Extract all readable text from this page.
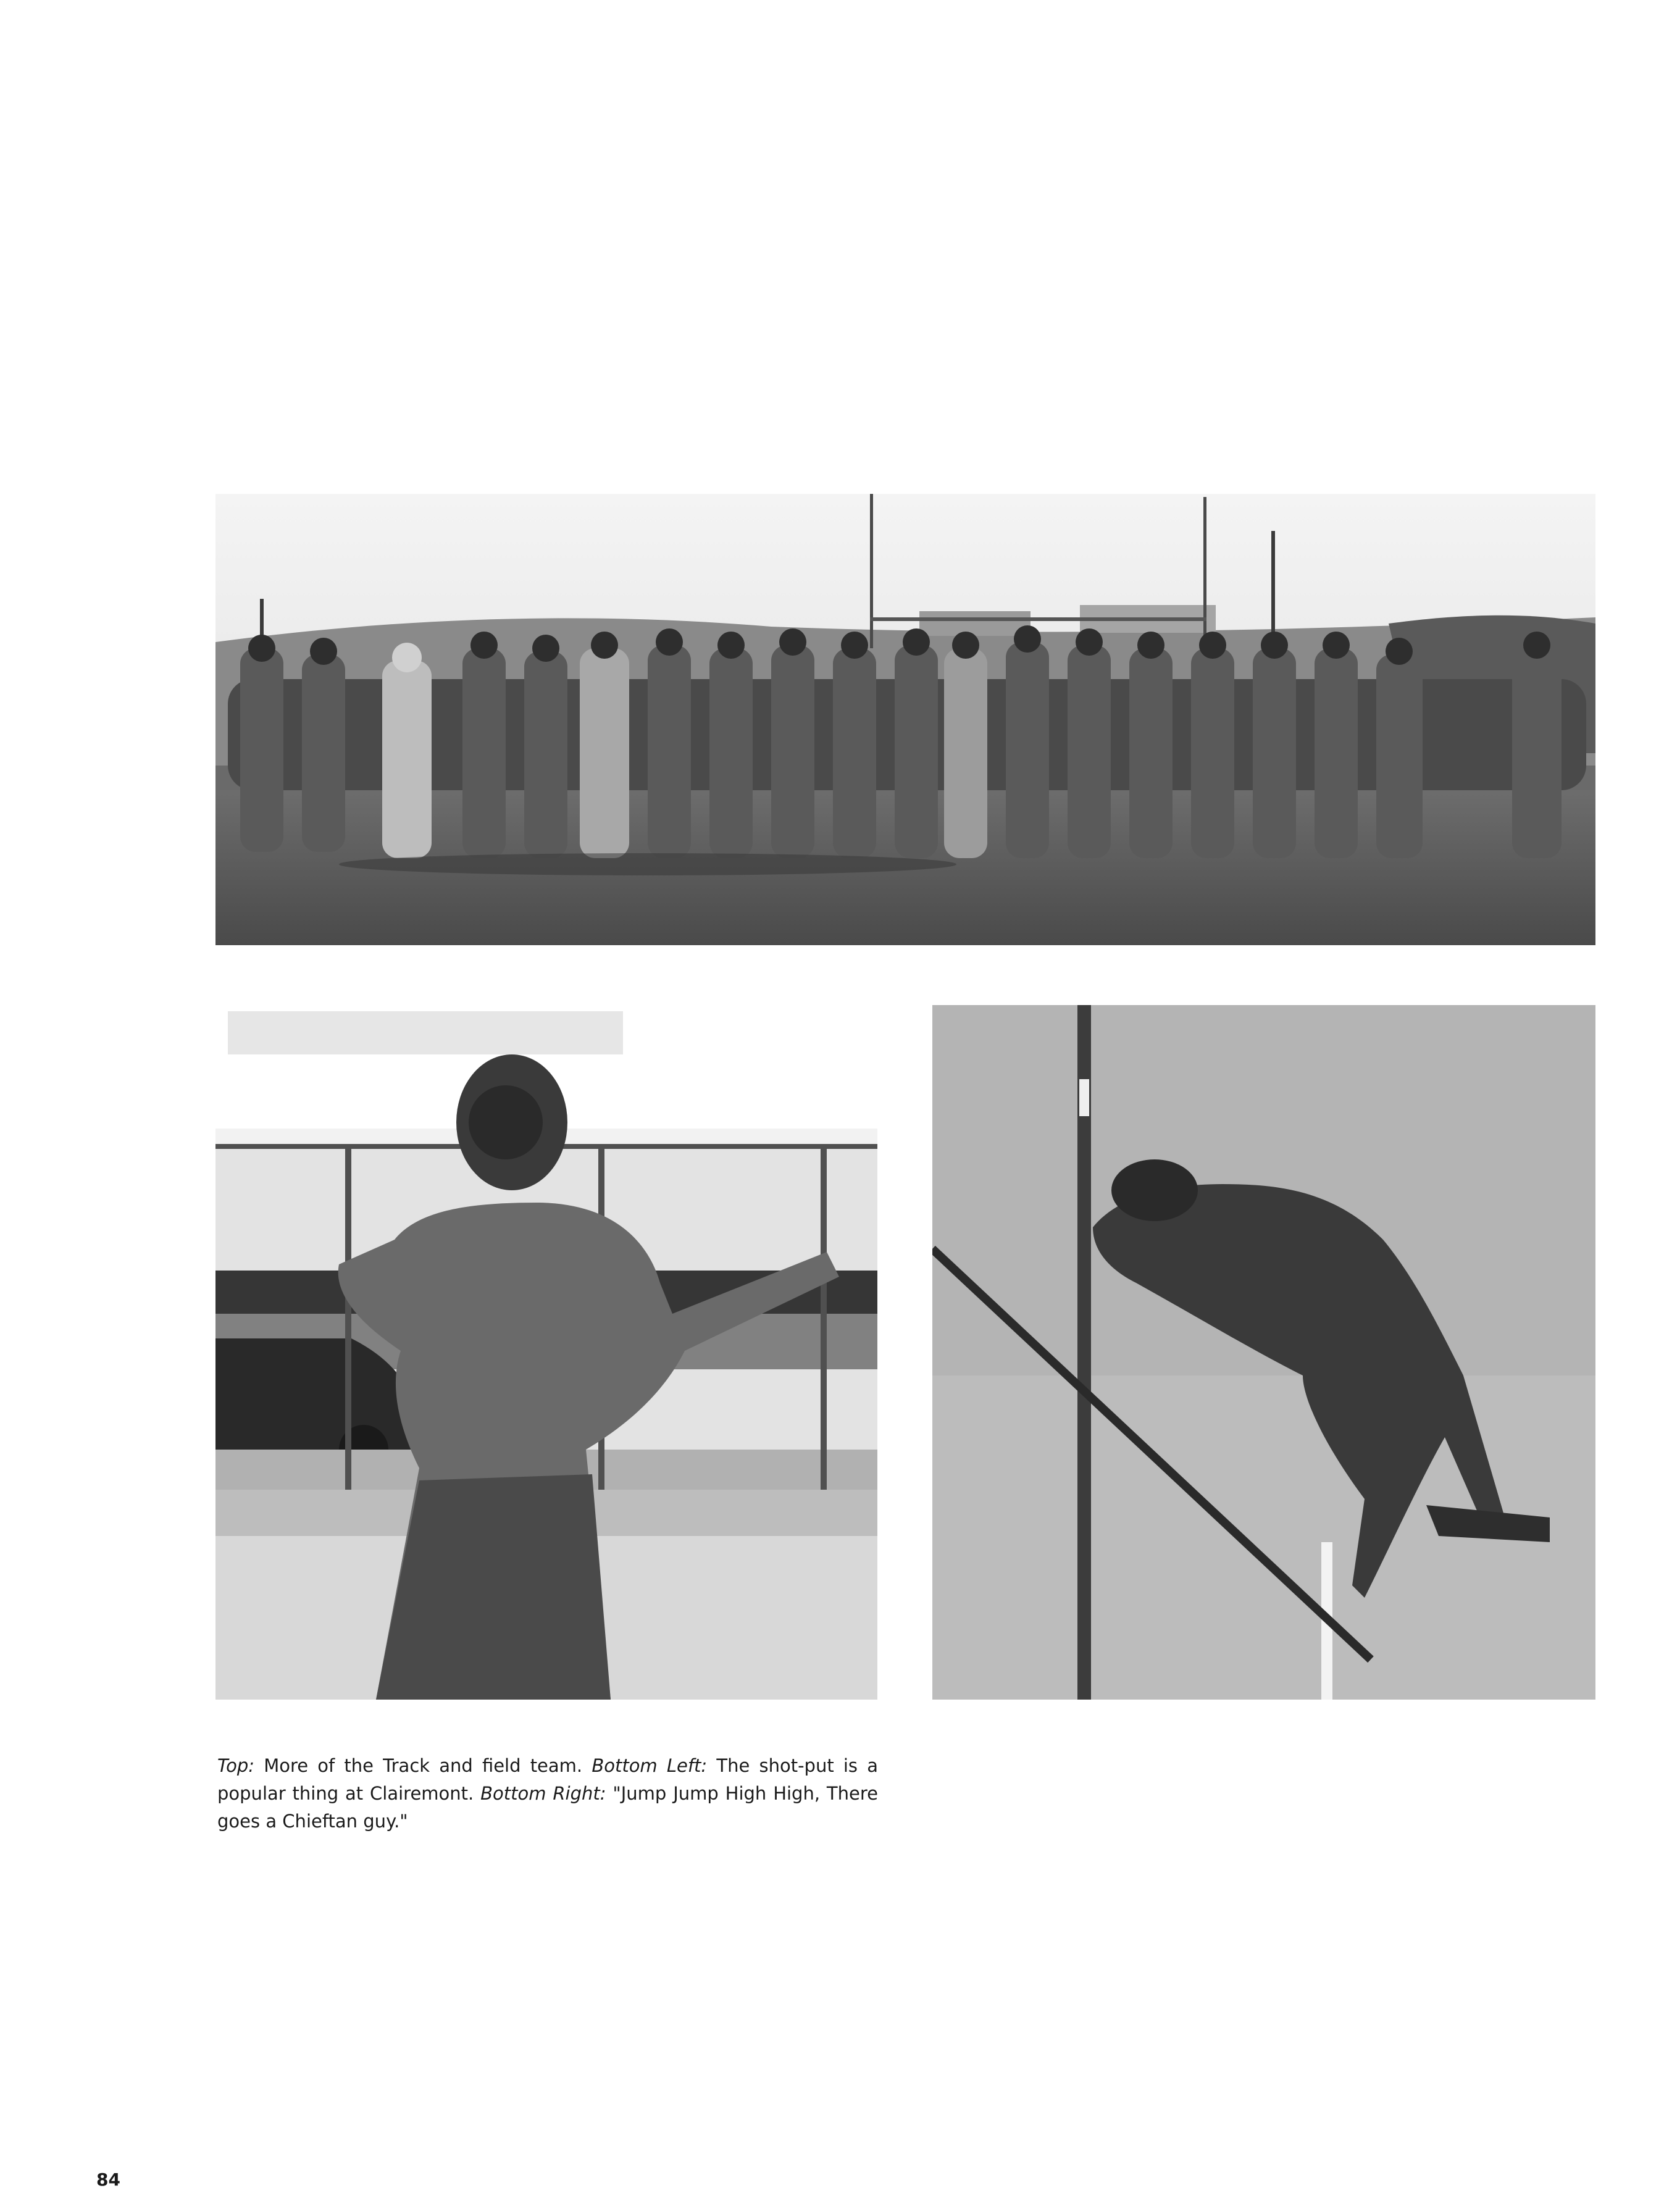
Top: More of the Track and field team. Bottom Left: The shot-put is a popular thing at Clairemont. Bottom Right: "Jump Jump High High, There goes a Chieftan guy."

84
